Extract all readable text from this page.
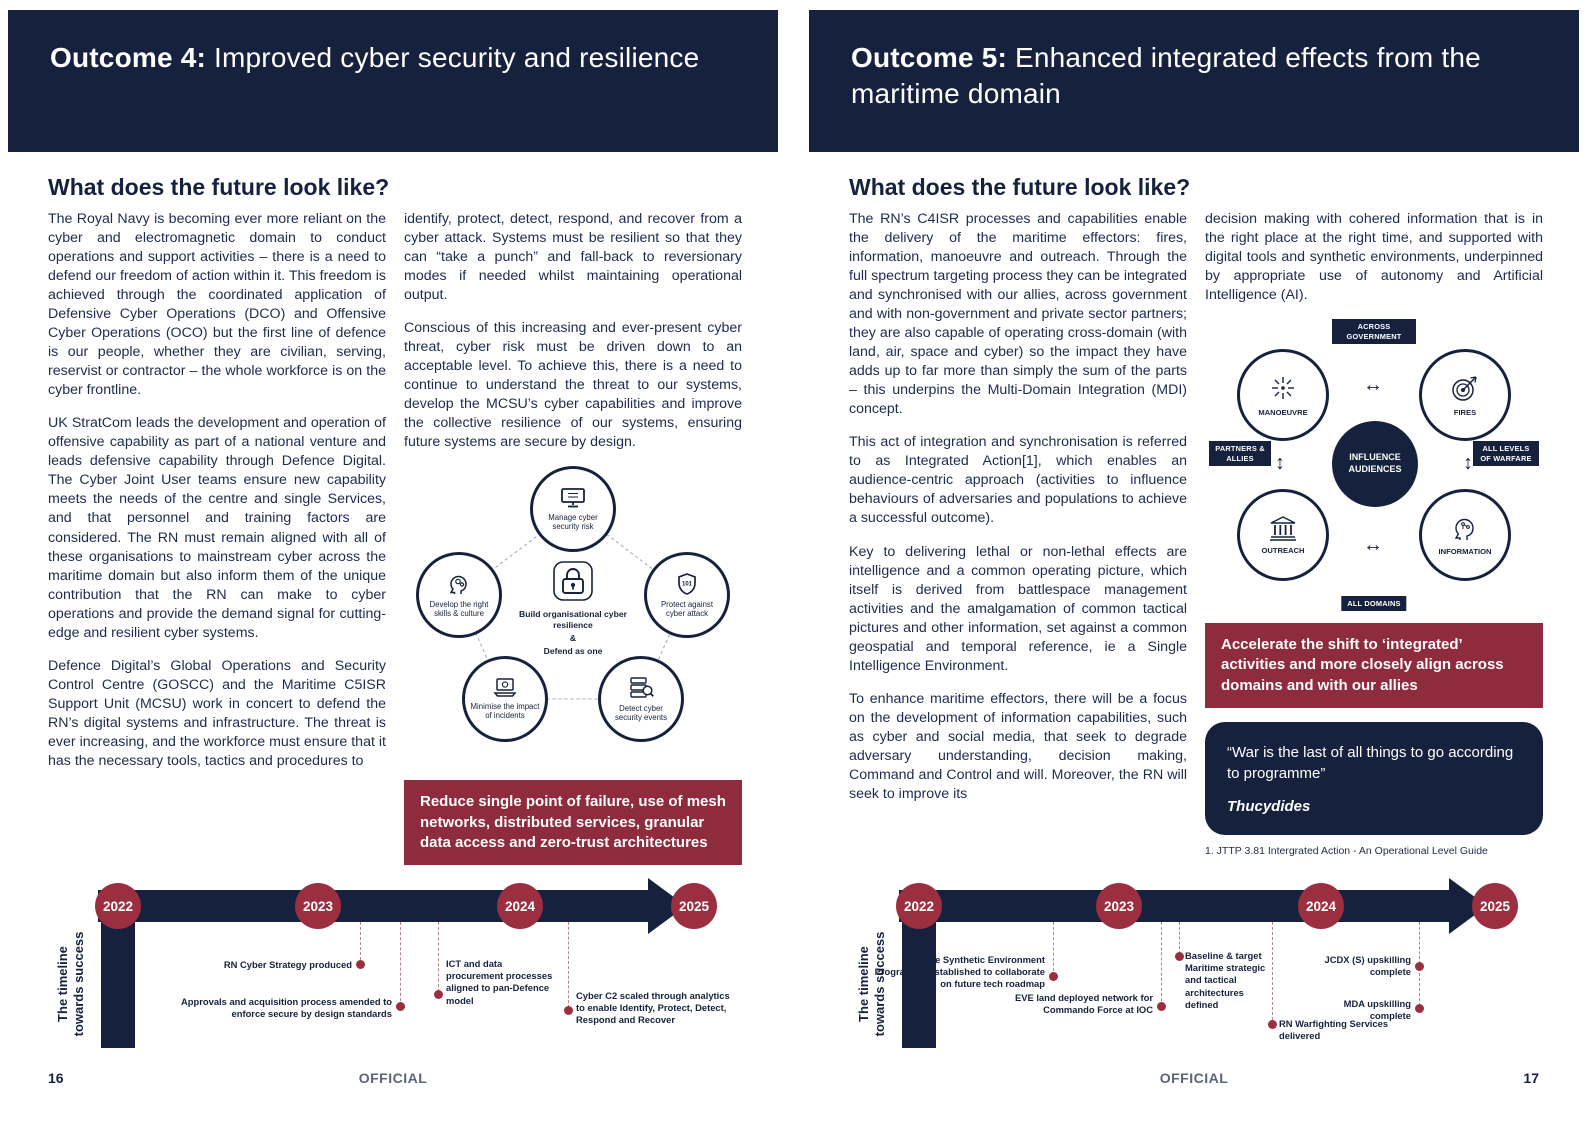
Outcome 4: Improved cyber security and resilience
What does the future look like?

The Royal Navy is becoming ever more reliant on the cyber and electromagnetic domain to conduct operations and support activities – there is a need to defend our freedom of action within it. This freedom is achieved through the coordinated application of Defensive Cyber Operations (DCO) and Offensive Cyber Operations (OCO) but the first line of defence is our people, whether they are civilian, serving, reservist or contractor – the whole workforce is on the cyber frontline.

UK StratCom leads the development and operation of offensive capability as part of a national venture and leads defensive capability through Defence Digital. The Cyber Joint User teams ensure new capability meets the needs of the centre and single Services, and that personnel and training factors are considered. The RN must remain aligned with all of these organisations to mainstream cyber across the maritime domain but also inform them of the unique contribution that the RN can make to cyber operations and provide the demand signal for cutting-edge and resilient cyber systems.

Defence Digital’s Global Operations and Security Control Centre (GOSCC) and the Maritime C5ISR Support Unit (MCSU) work in concert to defend the RN’s digital systems and infrastructure. The threat is ever increasing, and the workforce must ensure that it has the necessary tools, tactics and procedures to

identify, protect, detect, respond, and recover from a cyber attack. Systems must be resilient so that they can “take a punch” and fall-back to reversionary modes if needed whilst maintaining operational output.

Conscious of this increasing and ever-present cyber threat, cyber risk must be driven down to an acceptable level. To achieve this, there is a need to continue to understand the threat to our systems, develop the MCSU’s cyber capabilities and improve the collective resilience of our systems, ensuring future systems are secure by design.

Manage cyber security risk
Develop the right skills & culture
101
Protect against cyber attack
Minimise the impact of incidents
Detect cyber security events
Build organisational cyber resilience
&
Defend as one
Reduce single point of failure, use of mesh networks, distributed services, granular data access and zero-trust architectures
The timeline towards success
2022	2023	2024	2025
RN Cyber Strategy produced
Approvals and acquisition process amended to enforce secure by design standards
ICT and data procurement processes aligned to pan-Defence model	Cyber C2 scaled through analytics to enable Identify, Protect, Detect, Respond and Recover
16	OFFICIAL
Outcome 5: Enhanced integrated effects from the maritime domain
What does the future look like?

The RN’s C4ISR processes and capabilities enable the delivery of the maritime effectors: fires, information, manoeuvre and outreach. Through the full spectrum targeting process they can be integrated and synchronised with our allies, across government and with non-government and private sector partners; they are also capable of operating cross-domain (with land, air, space and cyber) so the impact they have adds up to far more than simply the sum of the parts – this underpins the Multi-Domain Integration (MDI) concept.

This act of integration and synchronisation is referred to as Integrated Action[1], which enables an audience-centric approach (activities to influence behaviours of adversaries and populations to achieve a successful outcome).

Key to delivering lethal or non-lethal effects are intelligence and a common operating picture, which itself is derived from battlespace management activities and the amalgamation of common tactical pictures and other information, set against a common geospatial and temporal reference, ie a Single Intelligence Environment.

To enhance maritime effectors, there will be a focus on the development of information capabilities, such as cyber and social media, that seek to degrade adversary understanding, decision making, Command and Control and will. Moreover, the RN will seek to improve its

decision making with cohered information that is in the right place at the right time, and supported with digital tools and synthetic environments, underpinned by appropriate use of autonomy and Artificial Intelligence (AI).

ACROSS GOVERNMENT
PARTNERS & ALLIES
ALL LEVELS OF WARFARE
ALL DOMAINS
↔
↔
↕	↕
MANOEUVRE	FIRES
OUTREACH	INFORMATION
INFLUENCE AUDIENCES
Accelerate the shift to ‘integrated’ activities and more closely align across domains and with our allies
“War is the last of all things to go according to programme”
Thucydides
1. JTTP 3.81 Intergrated Action - An Operational Level Guide
The timeline towards success
2022	2023	2024	2025
Defence Synthetic Environment Programme established to collaborate on future tech roadmap
EVE land deployed network for Commando Force at IOC
Baseline & target Maritime strategic and tactical architectures defined
RN Warfighting Services delivered
JCDX (S) upskilling complete
MDA upskilling complete
17
OFFICIAL
